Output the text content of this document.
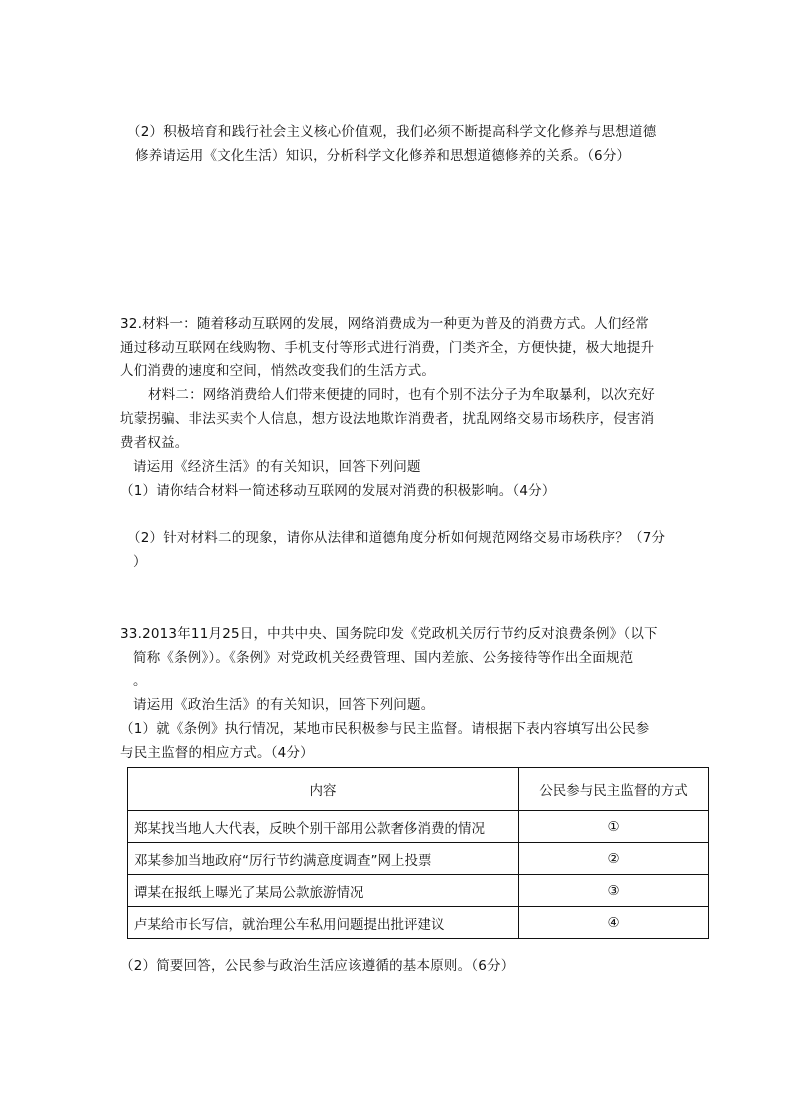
（2）积极培育和践行社会主义核心价值观，我们必须不断提高科学文化修养与思想道德
修养请运用《文化生活）知识，分析科学文化修养和思想道德修养的关系。（6分）
32.材料一：随着移动互联网的发展，网络消费成为一种更为普及的消费方式。人们经常
通过移动互联网在线购物、手机支付等形式进行消费，门类齐全，方便快捷，极大地提升
人们消费的速度和空间，悄然改变我们的生活方式。
材料二：网络消费给人们带来便捷的同时，也有个别不法分子为牟取暴利，以次充好
坑蒙拐骗、非法买卖个人信息，想方设法地欺诈消费者，扰乱网络交易市场秩序，侵害消
费者权益。
请运用《经济生活》的有关知识，回答下列问题
（1）请你结合材料一简述移动互联网的发展对消费的积极影响。（4分）
（2）针对材料二的现象，请你从法律和道德角度分析如何规范网络交易市场秩序？（7分
）
33.2013年11月25日，中共中央、国务院印发《党政机关厉行节约反对浪费条例》（以下
简称《条例》）。《条例》对党政机关经费管理、国内差旅、公务接待等作出全面规范
。
请运用《政治生活》的有关知识，回答下列问题。
（1）就《条例》执行情况，某地市民积极参与民主监督。请根据下表内容填写出公民参
与民主监督的相应方式。（4分）
内容	公民参与民主监督的方式
郑某找当地人大代表，反映个别干部用公款奢侈消费的情况	①
邓某参加当地政府“厉行节约满意度调查”网上投票	②
谭某在报纸上曝光了某局公款旅游情况	③
卢某给市长写信，就治理公车私用问题提出批评建议	④
（2）简要回答，公民参与政治生活应该遵循的基本原则。（6分）
